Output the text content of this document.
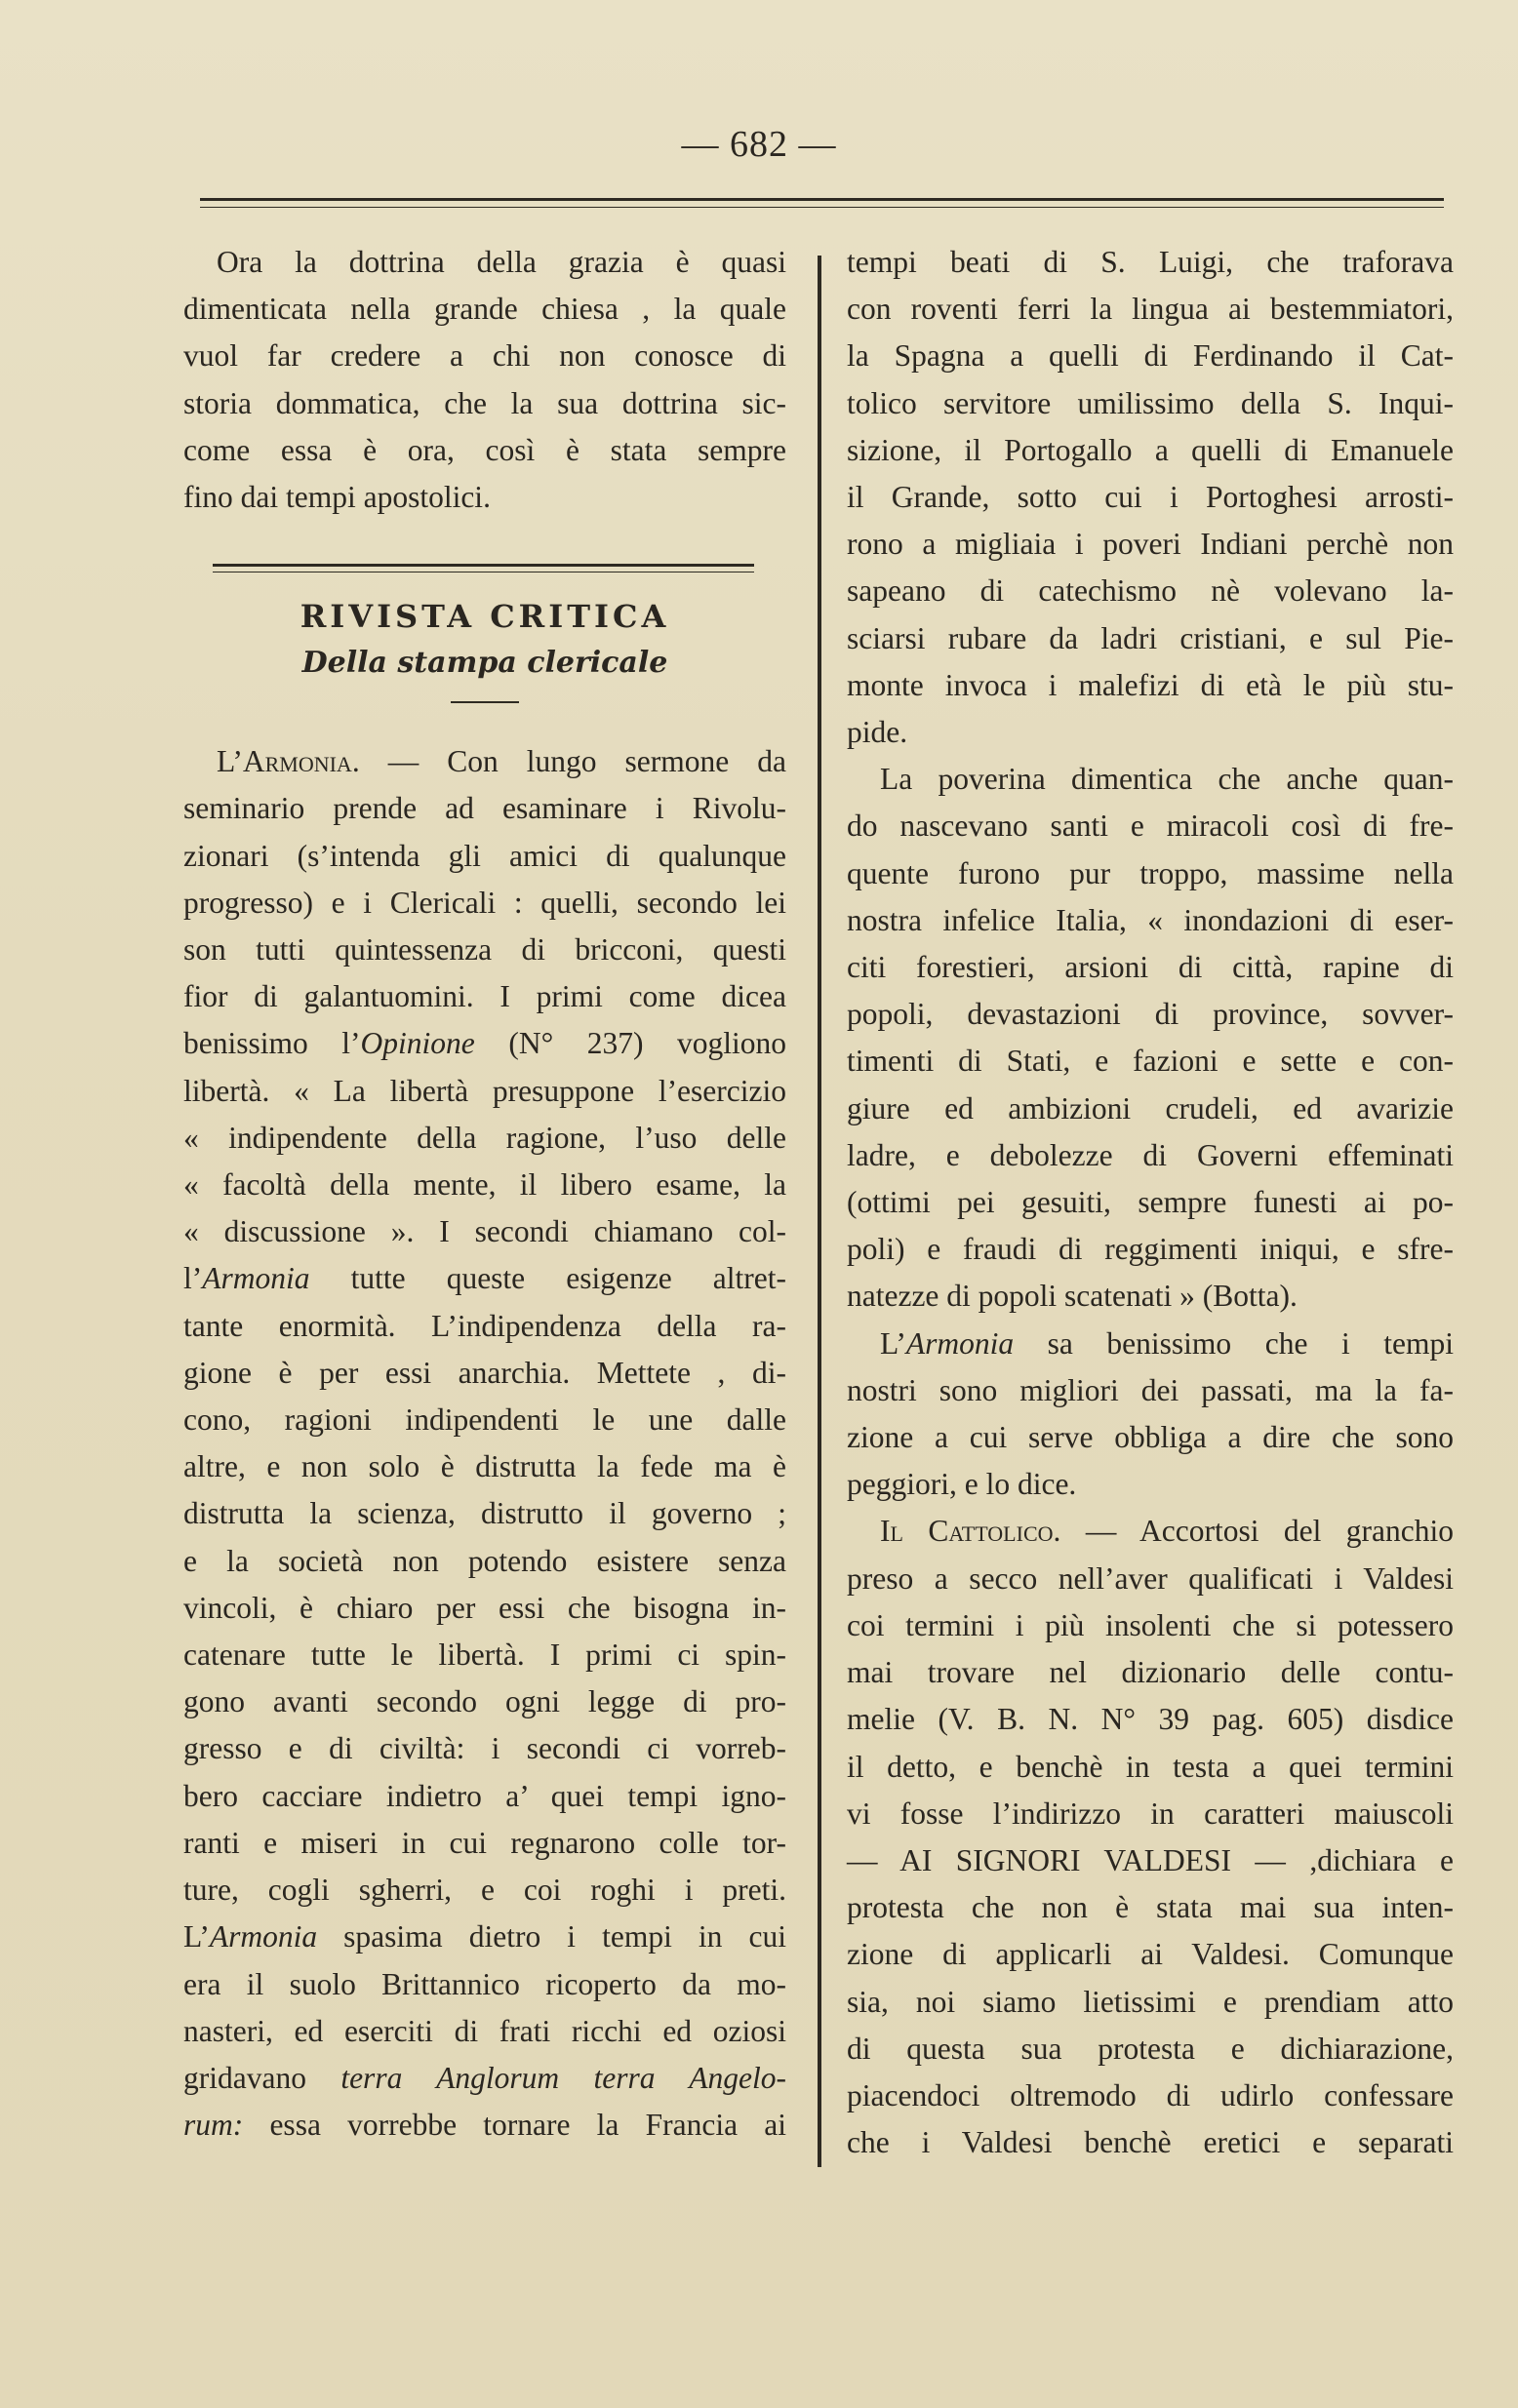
— 682 —
Ora la dottrina della grazia è quasi
dimenticata nella grande chiesa , la quale
vuol far credere a chi non conosce di
storia dommatica, che la sua dottrina sic-
come essa è ora, così è stata sempre
fino dai tempi apostolici.
RIVISTA CRITICA
Della stampa clericale
L’Armonia. — Con lungo sermone da
seminario prende ad esaminare i Rivolu-
zionari (s’intenda gli amici di qualunque
progresso) e i Clericali : quelli, secondo lei
son tutti quintessenza di bricconi, questi
fior di galantuomini. I primi come dicea
benissimo l’Opinione (N° 237) vogliono
libertà. « La libertà presuppone l’esercizio
« indipendente della ragione, l’uso delle
« facoltà della mente, il libero esame, la
« discussione ». I secondi chiamano col-
l’Armonia tutte queste esigenze altret-
tante enormità. L’indipendenza della ra-
gione è per essi anarchia. Mettete , di-
cono, ragioni indipendenti le une dalle
altre, e non solo è distrutta la fede ma è
distrutta la scienza, distrutto il governo ;
e la società non potendo esistere senza
vincoli, è chiaro per essi che bisogna in-
catenare tutte le libertà. I primi ci spin-
gono avanti secondo ogni legge di pro-
gresso e di civiltà: i secondi ci vorreb-
bero cacciare indietro a’ quei tempi igno-
ranti e miseri in cui regnarono colle tor-
ture, cogli sgherri, e coi roghi i preti.
L’Armonia spasima dietro i tempi in cui
era il suolo Brittannico ricoperto da mo-
nasteri, ed eserciti di frati ricchi ed oziosi
gridavano terra Anglorum terra Angelo-
rum: essa vorrebbe tornare la Francia ai
tempi beati di S. Luigi, che traforava
con roventi ferri la lingua ai bestemmiatori,
la Spagna a quelli di Ferdinando il Cat-
tolico servitore umilissimo della S. Inqui-
sizione, il Portogallo a quelli di Emanuele
il Grande, sotto cui i Portoghesi arrosti-
rono a migliaia i poveri Indiani perchè non
sapeano di catechismo nè volevano la-
sciarsi rubare da ladri cristiani, e sul Pie-
monte invoca i malefizi di età le più stu-
pide.
La poverina dimentica che anche quan-
do nascevano santi e miracoli così di fre-
quente furono pur troppo, massime nella
nostra infelice Italia, « inondazioni di eser-
citi forestieri, arsioni di città, rapine di
popoli, devastazioni di province, sovver-
timenti di Stati, e fazioni e sette e con-
giure ed ambizioni crudeli, ed avarizie
ladre, e debolezze di Governi effeminati
(ottimi pei gesuiti, sempre funesti ai po-
poli) e fraudi di reggimenti iniqui, e sfre-
natezze di popoli scatenati » (Botta).
L’Armonia sa benissimo che i tempi
nostri sono migliori dei passati, ma la fa-
zione a cui serve obbliga a dire che sono
peggiori, e lo dice.
Il Cattolico. — Accortosi del granchio
preso a secco nell’aver qualificati i Valdesi
coi termini i più insolenti che si potessero
mai trovare nel dizionario delle contu-
melie (V. B. N. N° 39 pag. 605) disdice
il detto, e benchè in testa a quei termini
vi fosse l’indirizzo in caratteri maiuscoli
— AI SIGNORI VALDESI — ,dichiara e
protesta che non è stata mai sua inten-
zione di applicarli ai Valdesi. Comunque
sia, noi siamo lietissimi e prendiam atto
di questa sua protesta e dichiarazione,
piacendoci oltremodo di udirlo confessare
che i Valdesi benchè eretici e separati
